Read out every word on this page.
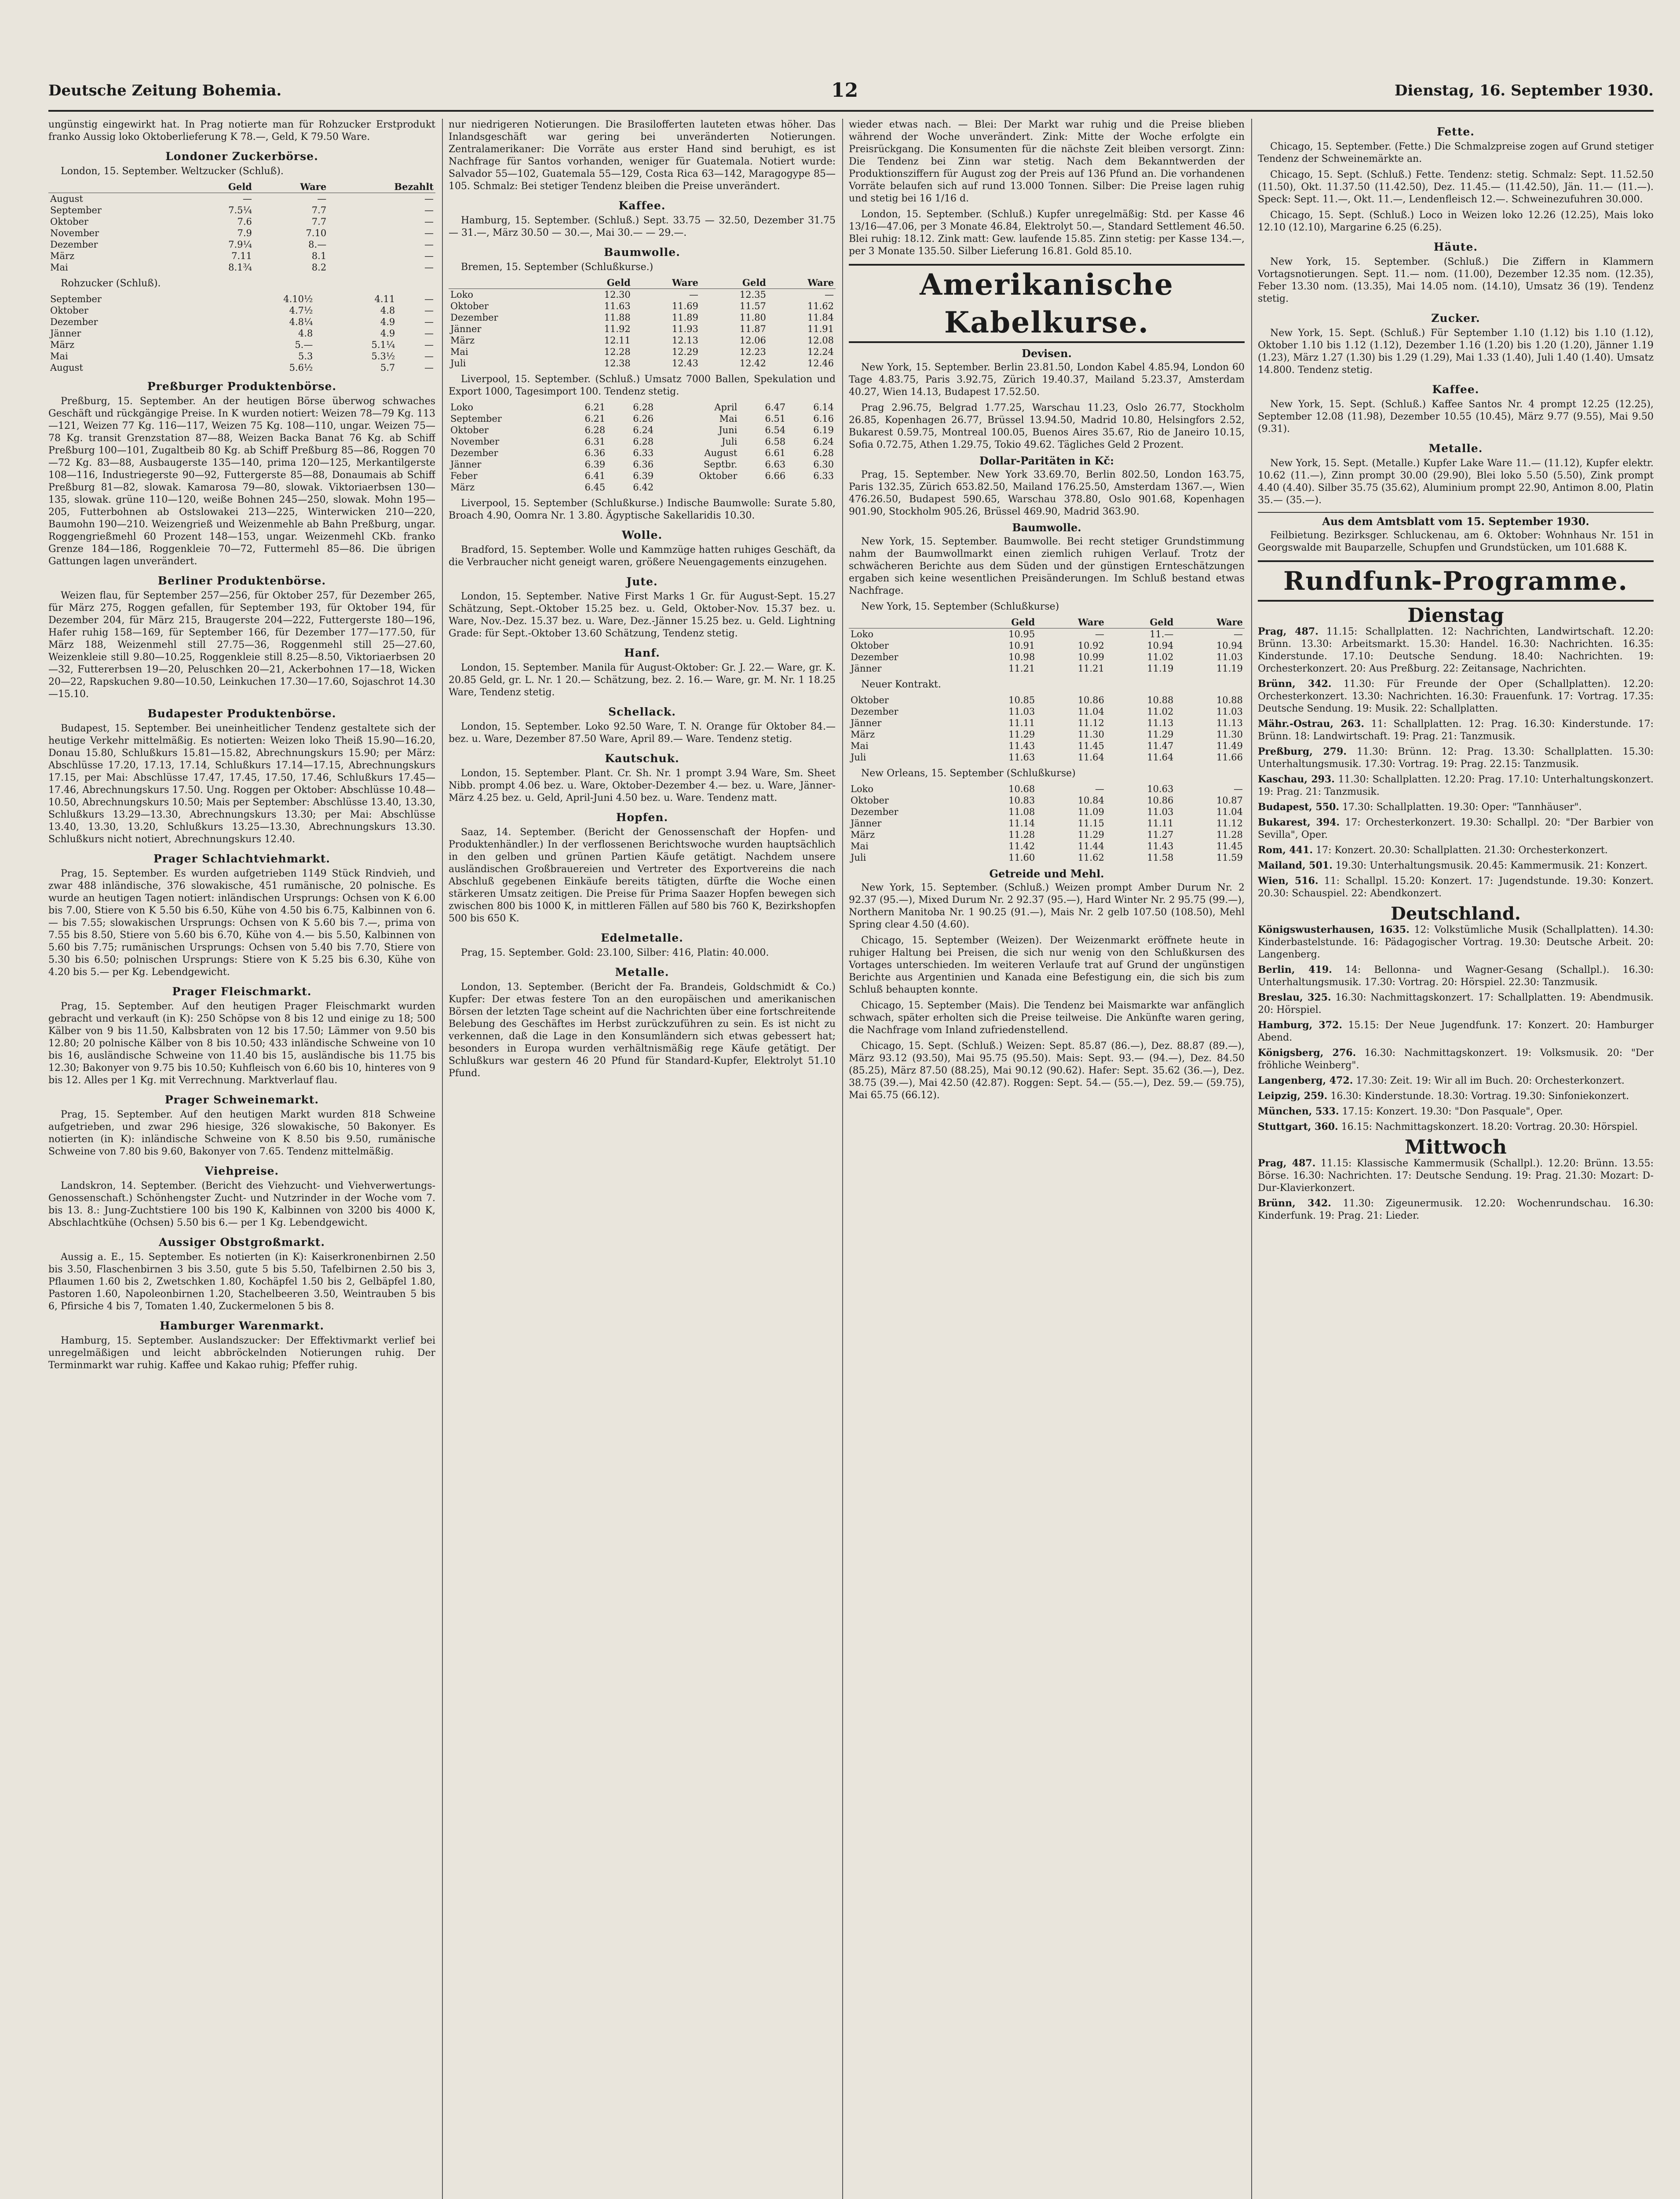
Deutsche Zeitung Bohemia.	12	Dienstag, 16. September 1930.

ungünstig eingewirkt hat. In Prag notierte man für Rohzucker Erstprodukt franko Aussig loko Oktoberlieferung K 78.—, Geld, K 79.50 Ware.

Londoner Zuckerbörse.

London, 15. September. Weltzucker (Schluß).

	Geld	Ware	Bezahlt
August	—	—	—
September	7.5¼	7.7	—
Oktober	7.6	7.7	—
November	7.9	7.10	—
Dezember	7.9¼	8.—	—
März	7.11	8.1	—
Mai	8.1¾	8.2	—

Rohzucker (Schluß).

September	4.10½	4.11	—
Oktober	4.7½	4.8	—
Dezember	4.8¼	4.9	—
Jänner	4.8	4.9	—
März	5.—	5.1¼	—
Mai	5.3	5.3½	—
August	5.6½	5.7	—
Preßburger Produktenbörse.

Preßburg, 15. September. An der heutigen Börse überwog schwaches Geschäft und rückgängige Preise. In K wurden notiert: Weizen 78—79 Kg. 113—121, Weizen 77 Kg. 116—117, Weizen 75 Kg. 108—110, ungar. Weizen 75—78 Kg. transit Grenzstation 87—88, Weizen Backa Banat 76 Kg. ab Schiff Preßburg 100—101, Zugaltbeib 80 Kg. ab Schiff Preßburg 85—86, Roggen 70—72 Kg. 83—88, Ausbaugerste 135—140, prima 120—125, Merkantilgerste 108—116, Industriegerste 90—92, Futtergerste 85—88, Donaumais ab Schiff Preßburg 81—82, slowak. Kamarosa 79—80, slowak. Viktoriaerbsen 130—135, slowak. grüne 110—120, weiße Bohnen 245—250, slowak. Mohn 195—205, Futterbohnen ab Ostslowakei 213—225, Winterwicken 210—220, Baumohn 190—210. Weizengrieß und Weizenmehle ab Bahn Preßburg, ungar. Roggengrießmehl 60 Prozent 148—153, ungar. Weizenmehl CKb. franko Grenze 184—186, Roggenkleie 70—72, Futtermehl 85—86. Die übrigen Gattungen lagen unverändert.

Berliner Produktenbörse.

Weizen flau, für September 257—256, für Oktober 257, für Dezember 265, für März 275, Roggen gefallen, für September 193, für Oktober 194, für Dezember 204, für März 215, Braugerste 204—222, Futtergerste 180—196, Hafer ruhig 158—169, für September 166, für Dezember 177—177.50, für März 188, Weizenmehl still 27.75—36, Roggenmehl still 25—27.60, Weizenkleie still 9.80—10.25, Roggenkleie still 8.25—8.50, Viktoriaerbsen 20—32, Futtererbsen 19—20, Peluschken 20—21, Ackerbohnen 17—18, Wicken 20—22, Rapskuchen 9.80—10.50, Leinkuchen 17.30—17.60, Sojaschrot 14.30—15.10.

Budapester Produktenbörse.

Budapest, 15. September. Bei uneinheitlicher Tendenz gestaltete sich der heutige Verkehr mittelmäßig. Es notierten: Weizen loko Theiß 15.90—16.20, Donau 15.80, Schlußkurs 15.81—15.82, Abrechnungskurs 15.90; per März: Abschlüsse 17.20, 17.13, 17.14, Schlußkurs 17.14—17.15, Abrechnungskurs 17.15, per Mai: Abschlüsse 17.47, 17.45, 17.50, 17.46, Schlußkurs 17.45—17.46, Abrechnungskurs 17.50. Ung. Roggen per Oktober: Abschlüsse 10.48—10.50, Abrechnungskurs 10.50; Mais per September: Abschlüsse 13.40, 13.30, Schlußkurs 13.29—13.30, Abrechnungskurs 13.30; per Mai: Abschlüsse 13.40, 13.30, 13.20, Schlußkurs 13.25—13.30, Abrechnungskurs 13.30. Schlußkurs nicht notiert, Abrechnungskurs 12.40.

Prager Schlachtviehmarkt.

Prag, 15. September. Es wurden aufgetrieben 1149 Stück Rindvieh, und zwar 488 inländische, 376 slowakische, 451 rumänische, 20 polnische. Es wurde an heutigen Tagen notiert: inländischen Ursprungs: Ochsen von K 6.00 bis 7.00, Stiere von K 5.50 bis 6.50, Kühe von 4.50 bis 6.75, Kalbinnen von 6.— bis 7.55; slowakischen Ursprungs: Ochsen von K 5.60 bis 7.—, prima von 7.55 bis 8.50, Stiere von 5.60 bis 6.70, Kühe von 4.— bis 5.50, Kalbinnen von 5.60 bis 7.75; rumänischen Ursprungs: Ochsen von 5.40 bis 7.70, Stiere von 5.30 bis 6.50; polnischen Ursprungs: Stiere von K 5.25 bis 6.30, Kühe von 4.20 bis 5.— per Kg. Lebendgewicht.

Prager Fleischmarkt.

Prag, 15. September. Auf den heutigen Prager Fleischmarkt wurden gebracht und verkauft (in K): 250 Schöpse von 8 bis 12 und einige zu 18; 500 Kälber von 9 bis 11.50, Kalbsbraten von 12 bis 17.50; Lämmer von 9.50 bis 12.80; 20 polnische Kälber von 8 bis 10.50; 433 inländische Schweine von 10 bis 16, ausländische Schweine von 11.40 bis 15, ausländische bis 11.75 bis 12.30; Bakonyer von 9.75 bis 10.50; Kuhfleisch von 6.60 bis 10, hinteres von 9 bis 12. Alles per 1 Kg. mit Verrechnung. Marktverlauf flau.

Prager Schweinemarkt.

Prag, 15. September. Auf den heutigen Markt wurden 818 Schweine aufgetrieben, und zwar 296 hiesige, 326 slowakische, 50 Bakonyer. Es notierten (in K): inländische Schweine von K 8.50 bis 9.50, rumänische Schweine von 7.80 bis 9.60, Bakonyer von 7.65. Tendenz mittelmäßig.

Viehpreise.

Landskron, 14. September. (Bericht des Viehzucht- und Viehverwertungs-Genossenschaft.) Schönhengster Zucht- und Nutzrinder in der Woche vom 7. bis 13. 8.: Jung-Zuchtstiere 100 bis 190 K, Kalbinnen von 3200 bis 4000 K, Abschlachtkühe (Ochsen) 5.50 bis 6.— per 1 Kg. Lebendgewicht.

Aussiger Obstgroßmarkt.

Aussig a. E., 15. September. Es notierten (in K): Kaiserkronenbirnen 2.50 bis 3.50, Flaschenbirnen 3 bis 3.50, gute 5 bis 5.50, Tafelbirnen 2.50 bis 3, Pflaumen 1.60 bis 2, Zwetschken 1.80, Kochäpfel 1.50 bis 2, Gelbäpfel 1.80, Pastoren 1.60, Napoleonbirnen 1.20, Stachelbeeren 3.50, Weintrauben 5 bis 6, Pfirsiche 4 bis 7, Tomaten 1.40, Zuckermelonen 5 bis 8.

Hamburger Warenmarkt.

Hamburg, 15. September. Auslandszucker: Der Effektivmarkt verlief bei unregelmäßigen und leicht abbröckelnden Notierungen ruhig. Der Terminmarkt war ruhig. Kaffee und Kakao ruhig; Pfeffer ruhig.

nur niedrigeren Notierungen. Die Brasilofferten lauteten etwas höher. Das Inlandsgeschäft war gering bei unveränderten Notierungen. Zentralamerikaner: Die Vorräte aus erster Hand sind beruhigt, es ist Nachfrage für Santos vorhanden, weniger für Guatemala. Notiert wurde: Salvador 55—102, Guatemala 55—129, Costa Rica 63—142, Maragogype 85—105. Schmalz: Bei stetiger Tendenz bleiben die Preise unverändert.

Kaffee.

Hamburg, 15. September. (Schluß.) Sept. 33.75 — 32.50, Dezember 31.75 — 31.—, März 30.50 — 30.—, Mai 30.— — 29.—.

Baumwolle.

Bremen, 15. September (Schlußkurse.)

	Geld	Ware	Geld	Ware
Loko	12.30	—	12.35	—
Oktober	11.63	11.69	11.57	11.62
Dezember	11.88	11.89	11.80	11.84
Jänner	11.92	11.93	11.87	11.91
März	12.11	12.13	12.06	12.08
Mai	12.28	12.29	12.23	12.24
Juli	12.38	12.43	12.42	12.46

Liverpool, 15. September. (Schluß.) Umsatz 7000 Ballen, Spekulation und Export 1000, Tagesimport 100. Tendenz stetig.

Loko	6.21	6.28	April	6.47	6.14
September	6.21	6.26	Mai	6.51	6.16
Oktober	6.28	6.24	Juni	6.54	6.19
November	6.31	6.28	Juli	6.58	6.24
Dezember	6.36	6.33	August	6.61	6.28
Jänner	6.39	6.36	Septbr.	6.63	6.30
Feber	6.41	6.39	Oktober	6.66	6.33
März	6.45	6.42			

Liverpool, 15. September (Schlußkurse.) Indische Baumwolle: Surate 5.80, Broach 4.90, Oomra Nr. 1 3.80. Ägyptische Sakellaridis 10.30.

Wolle.

Bradford, 15. September. Wolle und Kammzüge hatten ruhiges Geschäft, da die Verbraucher nicht geneigt waren, größere Neuengagements einzugehen.

Jute.

London, 15. September. Native First Marks 1 Gr. für August-Sept. 15.27 Schätzung, Sept.-Oktober 15.25 bez. u. Geld, Oktober-Nov. 15.37 bez. u. Ware, Nov.-Dez. 15.37 bez. u. Ware, Dez.-Jänner 15.25 bez. u. Geld. Lightning Grade: für Sept.-Oktober 13.60 Schätzung, Tendenz stetig.

Hanf.

London, 15. September. Manila für August-Oktober: Gr. J. 22.— Ware, gr. K. 20.85 Geld, gr. L. Nr. 1 20.— Schätzung, bez. 2. 16.— Ware, gr. M. Nr. 1 18.25 Ware, Tendenz stetig.

Schellack.

London, 15. September. Loko 92.50 Ware, T. N. Orange für Oktober 84.— bez. u. Ware, Dezember 87.50 Ware, April 89.— Ware. Tendenz stetig.

Kautschuk.

London, 15. September. Plant. Cr. Sh. Nr. 1 prompt 3.94 Ware, Sm. Sheet Nibb. prompt 4.06 bez. u. Ware, Oktober-Dezember 4.— bez. u. Ware, Jänner-März 4.25 bez. u. Geld, April-Juni 4.50 bez. u. Ware. Tendenz matt.

Hopfen.

Saaz, 14. September. (Bericht der Genossenschaft der Hopfen- und Produktenhändler.) In der verflossenen Berichtswoche wurden hauptsächlich in den gelben und grünen Partien Käufe getätigt. Nachdem unsere ausländischen Großbrauereien und Vertreter des Exportvereins die nach Abschluß gegebenen Einkäufe bereits tätigten, dürfte die Woche einen stärkeren Umsatz zeitigen. Die Preise für Prima Saazer Hopfen bewegen sich zwischen 800 bis 1000 K, in mittleren Fällen auf 580 bis 760 K, Bezirkshopfen 500 bis 650 K.

Edelmetalle.

Prag, 15. September. Gold: 23.100, Silber: 416, Platin: 40.000.

Metalle.

London, 13. September. (Bericht der Fa. Brandeis, Goldschmidt & Co.) Kupfer: Der etwas festere Ton an den europäischen und amerikanischen Börsen der letzten Tage scheint auf die Nachrichten über eine fortschreitende Belebung des Geschäftes im Herbst zurückzuführen zu sein. Es ist nicht zu verkennen, daß die Lage in den Konsumländern sich etwas gebessert hat; besonders in Europa wurden verhältnismäßig rege Käufe getätigt. Der Schlußkurs war gestern 46 20 Pfund für Standard-Kupfer, Elektrolyt 51.10 Pfund.

wieder etwas nach. — Blei: Der Markt war ruhig und die Preise blieben während der Woche unverändert. Zink: Mitte der Woche erfolgte ein Preisrückgang. Die Konsumenten für die nächste Zeit bleiben versorgt. Zinn: Die Tendenz bei Zinn war stetig. Nach dem Bekanntwerden der Produktionsziffern für August zog der Preis auf 136 Pfund an. Die vorhandenen Vorräte belaufen sich auf rund 13.000 Tonnen. Silber: Die Preise lagen ruhig und stetig bei 16 1/16 d.

London, 15. September. (Schluß.) Kupfer unregelmäßig: Std. per Kasse 46 13/16—47.06, per 3 Monate 46.84, Elektrolyt 50.—, Standard Settlement 46.50. Blei ruhig: 18.12. Zink matt: Gew. laufende 15.85. Zinn stetig: per Kasse 134.—, per 3 Monate 135.50. Silber Lieferung 16.81. Gold 85.10.

Amerikanische Kabelkurse.
Devisen.

New York, 15. September. Berlin 23.81.50, London Kabel 4.85.94, London 60 Tage 4.83.75, Paris 3.92.75, Zürich 19.40.37, Mailand 5.23.37, Amsterdam 40.27, Wien 14.13, Budapest 17.52.50.

Prag 2.96.75, Belgrad 1.77.25, Warschau 11.23, Oslo 26.77, Stockholm 26.85, Kopenhagen 26.77, Brüssel 13.94.50, Madrid 10.80, Helsingfors 2.52, Bukarest 0.59.75, Montreal 100.05, Buenos Aires 35.67, Rio de Janeiro 10.15, Sofia 0.72.75, Athen 1.29.75, Tokio 49.62. Tägliches Geld 2 Prozent.

Dollar-Paritäten in Kč:

Prag, 15. September. New York 33.69.70, Berlin 802.50, London 163.75, Paris 132.35, Zürich 653.82.50, Mailand 176.25.50, Amsterdam 1367.—, Wien 476.26.50, Budapest 590.65, Warschau 378.80, Oslo 901.68, Kopenhagen 901.90, Stockholm 905.26, Brüssel 469.90, Madrid 363.90.

Baumwolle.

New York, 15. September. Baumwolle. Bei recht stetiger Grundstimmung nahm der Baumwollmarkt einen ziemlich ruhigen Verlauf. Trotz der schwächeren Berichte aus dem Süden und der günstigen Ernteschätzungen ergaben sich keine wesentlichen Preisänderungen. Im Schluß bestand etwas Nachfrage.

New York, 15. September (Schlußkurse)

	Geld	Ware	Geld	Ware
Loko	10.95	—	11.—	—
Oktober	10.91	10.92	10.94	10.94
Dezember	10.98	10.99	11.02	11.03
Jänner	11.21	11.21	11.19	11.19

Neuer Kontrakt.

Oktober	10.85	10.86	10.88	10.88
Dezember	11.03	11.04	11.02	11.03
Jänner	11.11	11.12	11.13	11.13
März	11.29	11.30	11.29	11.30
Mai	11.43	11.45	11.47	11.49
Juli	11.63	11.64	11.64	11.66

New Orleans, 15. September (Schlußkurse)

Loko	10.68	—	10.63	—
Oktober	10.83	10.84	10.86	10.87
Dezember	11.08	11.09	11.03	11.04
Jänner	11.14	11.15	11.11	11.12
März	11.28	11.29	11.27	11.28
Mai	11.42	11.44	11.43	11.45
Juli	11.60	11.62	11.58	11.59
Getreide und Mehl.

New York, 15. September. (Schluß.) Weizen prompt Amber Durum Nr. 2 92.37 (95.—), Mixed Durum Nr. 2 92.37 (95.—), Hard Winter Nr. 2 95.75 (99.—), Northern Manitoba Nr. 1 90.25 (91.—), Mais Nr. 2 gelb 107.50 (108.50), Mehl Spring clear 4.50 (4.60).

Chicago, 15. September (Weizen). Der Weizenmarkt eröffnete heute in ruhiger Haltung bei Preisen, die sich nur wenig von den Schlußkursen des Vortages unterschieden. Im weiteren Verlaufe trat auf Grund der ungünstigen Berichte aus Argentinien und Kanada eine Befestigung ein, die sich bis zum Schluß behaupten konnte.

Chicago, 15. September (Mais). Die Tendenz bei Maismarkte war anfänglich schwach, später erholten sich die Preise teilweise. Die Ankünfte waren gering, die Nachfrage vom Inland zufriedenstellend.

Chicago, 15. Sept. (Schluß.) Weizen: Sept. 85.87 (86.—), Dez. 88.87 (89.—), März 93.12 (93.50), Mai 95.75 (95.50). Mais: Sept. 93.— (94.—), Dez. 84.50 (85.25), März 87.50 (88.25), Mai 90.12 (90.62). Hafer: Sept. 35.62 (36.—), Dez. 38.75 (39.—), Mai 42.50 (42.87). Roggen: Sept. 54.— (55.—), Dez. 59.— (59.75), Mai 65.75 (66.12).

Fette.

Chicago, 15. September. (Fette.) Die Schmalzpreise zogen auf Grund stetiger Tendenz der Schweinemärkte an.

Chicago, 15. Sept. (Schluß.) Fette. Tendenz: stetig. Schmalz: Sept. 11.52.50 (11.50), Okt. 11.37.50 (11.42.50), Dez. 11.45.— (11.42.50), Jän. 11.— (11.—). Speck: Sept. 11.—, Okt. 11.—, Lendenfleisch 12.—. Schweinezufuhren 30.000.

Chicago, 15. Sept. (Schluß.) Loco in Weizen loko 12.26 (12.25), Mais loko 12.10 (12.10), Margarine 6.25 (6.25).

Häute.

New York, 15. September. (Schluß.) Die Ziffern in Klammern Vortagsnotierungen. Sept. 11.— nom. (11.00), Dezember 12.35 nom. (12.35), Feber 13.30 nom. (13.35), Mai 14.05 nom. (14.10), Umsatz 36 (19). Tendenz stetig.

Zucker.

New York, 15. Sept. (Schluß.) Für September 1.10 (1.12) bis 1.10 (1.12), Oktober 1.10 bis 1.12 (1.12), Dezember 1.16 (1.20) bis 1.20 (1.20), Jänner 1.19 (1.23), März 1.27 (1.30) bis 1.29 (1.29), Mai 1.33 (1.40), Juli 1.40 (1.40). Umsatz 14.800. Tendenz stetig.

Kaffee.

New York, 15. Sept. (Schluß.) Kaffee Santos Nr. 4 prompt 12.25 (12.25), September 12.08 (11.98), Dezember 10.55 (10.45), März 9.77 (9.55), Mai 9.50 (9.31).

Metalle.

New York, 15. Sept. (Metalle.) Kupfer Lake Ware 11.— (11.12), Kupfer elektr. 10.62 (11.—), Zinn prompt 30.00 (29.90), Blei loko 5.50 (5.50), Zink prompt 4.40 (4.40). Silber 35.75 (35.62), Aluminium prompt 22.90, Antimon 8.00, Platin 35.— (35.—).

Aus dem Amtsblatt vom 15. September 1930.

Feilbietung. Bezirksger. Schluckenau, am 6. Oktober: Wohnhaus Nr. 151 in Georgswalde mit Bauparzelle, Schupfen und Grundstücken, um 101.688 K.

Rundfunk-Programme.
Dienstag

Prag, 487. 11.15: Schallplatten. 12: Nachrichten, Landwirtschaft. 12.20: Brünn. 13.30: Arbeitsmarkt. 15.30: Handel. 16.30: Nachrichten. 16.35: Kinderstunde. 17.10: Deutsche Sendung. 18.40: Nachrichten. 19: Orchesterkonzert. 20: Aus Preßburg. 22: Zeitansage, Nachrichten.

Brünn, 342. 11.30: Für Freunde der Oper (Schallplatten). 12.20: Orchesterkonzert. 13.30: Nachrichten. 16.30: Frauenfunk. 17: Vortrag. 17.35: Deutsche Sendung. 19: Musik. 22: Schallplatten.

Mähr.-Ostrau, 263. 11: Schallplatten. 12: Prag. 16.30: Kinderstunde. 17: Brünn. 18: Landwirtschaft. 19: Prag. 21: Tanzmusik.

Preßburg, 279. 11.30: Brünn. 12: Prag. 13.30: Schallplatten. 15.30: Unterhaltungsmusik. 17.30: Vortrag. 19: Prag. 22.15: Tanzmusik.

Kaschau, 293. 11.30: Schallplatten. 12.20: Prag. 17.10: Unterhaltungskonzert. 19: Prag. 21: Tanzmusik.

Budapest, 550. 17.30: Schallplatten. 19.30: Oper: "Tannhäuser".

Bukarest, 394. 17: Orchesterkonzert. 19.30: Schallpl. 20: "Der Barbier von Sevilla", Oper.

Rom, 441. 17: Konzert. 20.30: Schallplatten. 21.30: Orchesterkonzert.

Mailand, 501. 19.30: Unterhaltungsmusik. 20.45: Kammermusik. 21: Konzert.

Wien, 516. 11: Schallpl. 15.20: Konzert. 17: Jugendstunde. 19.30: Konzert. 20.30: Schauspiel. 22: Abendkonzert.

Deutschland.

Königswusterhausen, 1635. 12: Volkstümliche Musik (Schallplatten). 14.30: Kinderbastelstunde. 16: Pädagogischer Vortrag. 19.30: Deutsche Arbeit. 20: Langenberg.

Berlin, 419. 14: Bellonna- und Wagner-Gesang (Schallpl.). 16.30: Unterhaltungsmusik. 17.30: Vortrag. 20: Hörspiel. 22.30: Tanzmusik.

Breslau, 325. 16.30: Nachmittagskonzert. 17: Schallplatten. 19: Abendmusik. 20: Hörspiel.

Hamburg, 372. 15.15: Der Neue Jugendfunk. 17: Konzert. 20: Hamburger Abend.

Königsberg, 276. 16.30: Nachmittagskonzert. 19: Volksmusik. 20: "Der fröhliche Weinberg".

Langenberg, 472. 17.30: Zeit. 19: Wir all im Buch. 20: Orchesterkonzert.

Leipzig, 259. 16.30: Kinderstunde. 18.30: Vortrag. 19.30: Sinfoniekonzert.

München, 533. 17.15: Konzert. 19.30: "Don Pasquale", Oper.

Stuttgart, 360. 16.15: Nachmittagskonzert. 18.20: Vortrag. 20.30: Hörspiel.

Mittwoch

Prag, 487. 11.15: Klassische Kammermusik (Schallpl.). 12.20: Brünn. 13.55: Börse. 16.30: Nachrichten. 17: Deutsche Sendung. 19: Prag. 21.30: Mozart: D-Dur-Klavierkonzert.

Brünn, 342. 11.30: Zigeunermusik. 12.20: Wochenrundschau. 16.30: Kinderfunk. 19: Prag. 21: Lieder.
